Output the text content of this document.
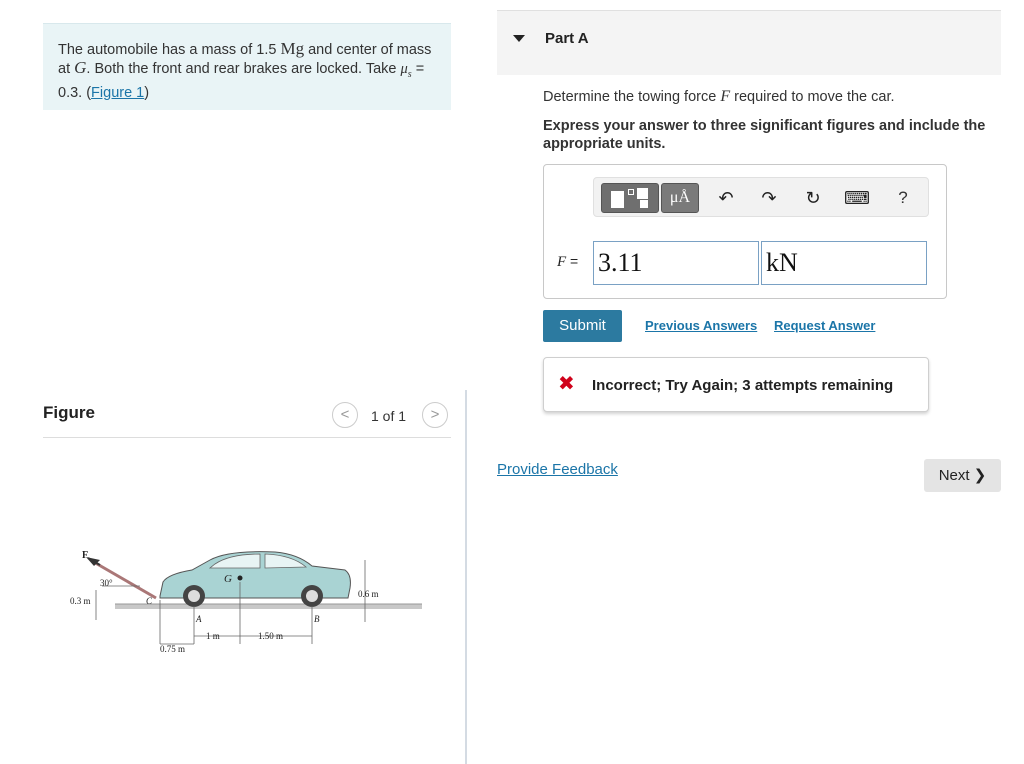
The automobile has a mass of 1.5 Mg and center of mass at G. Both the front and rear brakes are locked. Take $\mu_s = 0.3$. (Figure 1)
Figure	<	1 of 1	>
F
30°
0.3 m	C
G
0.6 m
A	B
0.75 m
1 m	1.50 m
Part A
Determine the towing force F required to move the car.
Express your answer to three significant figures and include the appropriate units.
μÅ	↶ ↷ ↻ ⌨	?
F = 3.11	kN
Submit	Previous Answers Request Answer
✖ Incorrect; Try Again; 3 attempts remaining
Provide Feedback	Next ❯
